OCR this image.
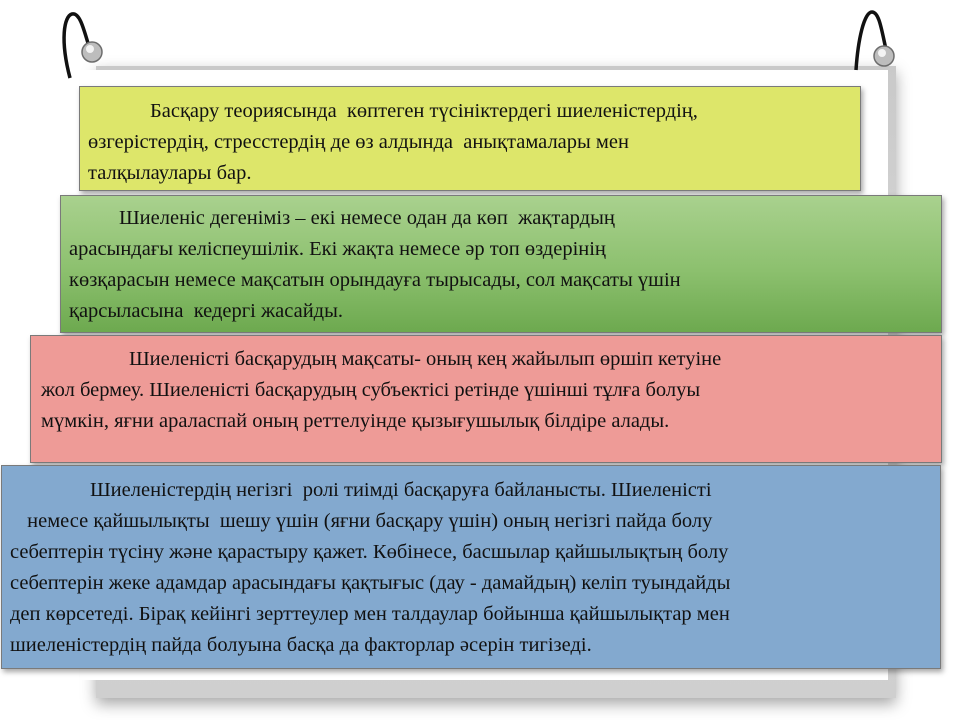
Басқару теориясында  көптеген түсініктердегі шиеленістердің,

өзгерістердің, стресстердің де өз алдында  анықтамалары мен

талқылаулары бар.

Шиеленіс дегеніміз – екі немесе одан да көп  жақтардың

арасындағы келіспеушілік. Екі жақта немесе әр топ өздерінің

көзқарасын немесе мақсатын орындауға тырысады, сол мақсаты үшін

қарсыласына  кедергі жасайды.

Шиеленісті басқарудың мақсаты- оның кең жайылып өршіп кетуіне

жол бермеу. Шиеленісті басқарудың субъектісі ретінде үшінші тұлға болуы

мүмкін, яғни араласпай оның реттелуінде қызығушылық білдіре алады.

Шиеленістердің негізгі  ролі тиімді басқаруға байланысты. Шиеленісті

немесе қайшылықты  шешу үшін (яғни басқару үшін) оның негізгі пайда болу

себептерін түсіну және қарастыру қажет. Көбінесе, басшылар қайшылықтың болу

себептерін жеке адамдар арасындағы қақтығыс (дау - дамайдың) келіп туындайды

деп көрсетеді. Бірақ кейінгі зерттеулер мен талдаулар бойынша қайшылықтар мен

шиеленістердің пайда болуына басқа да факторлар әсерін тигізеді.
